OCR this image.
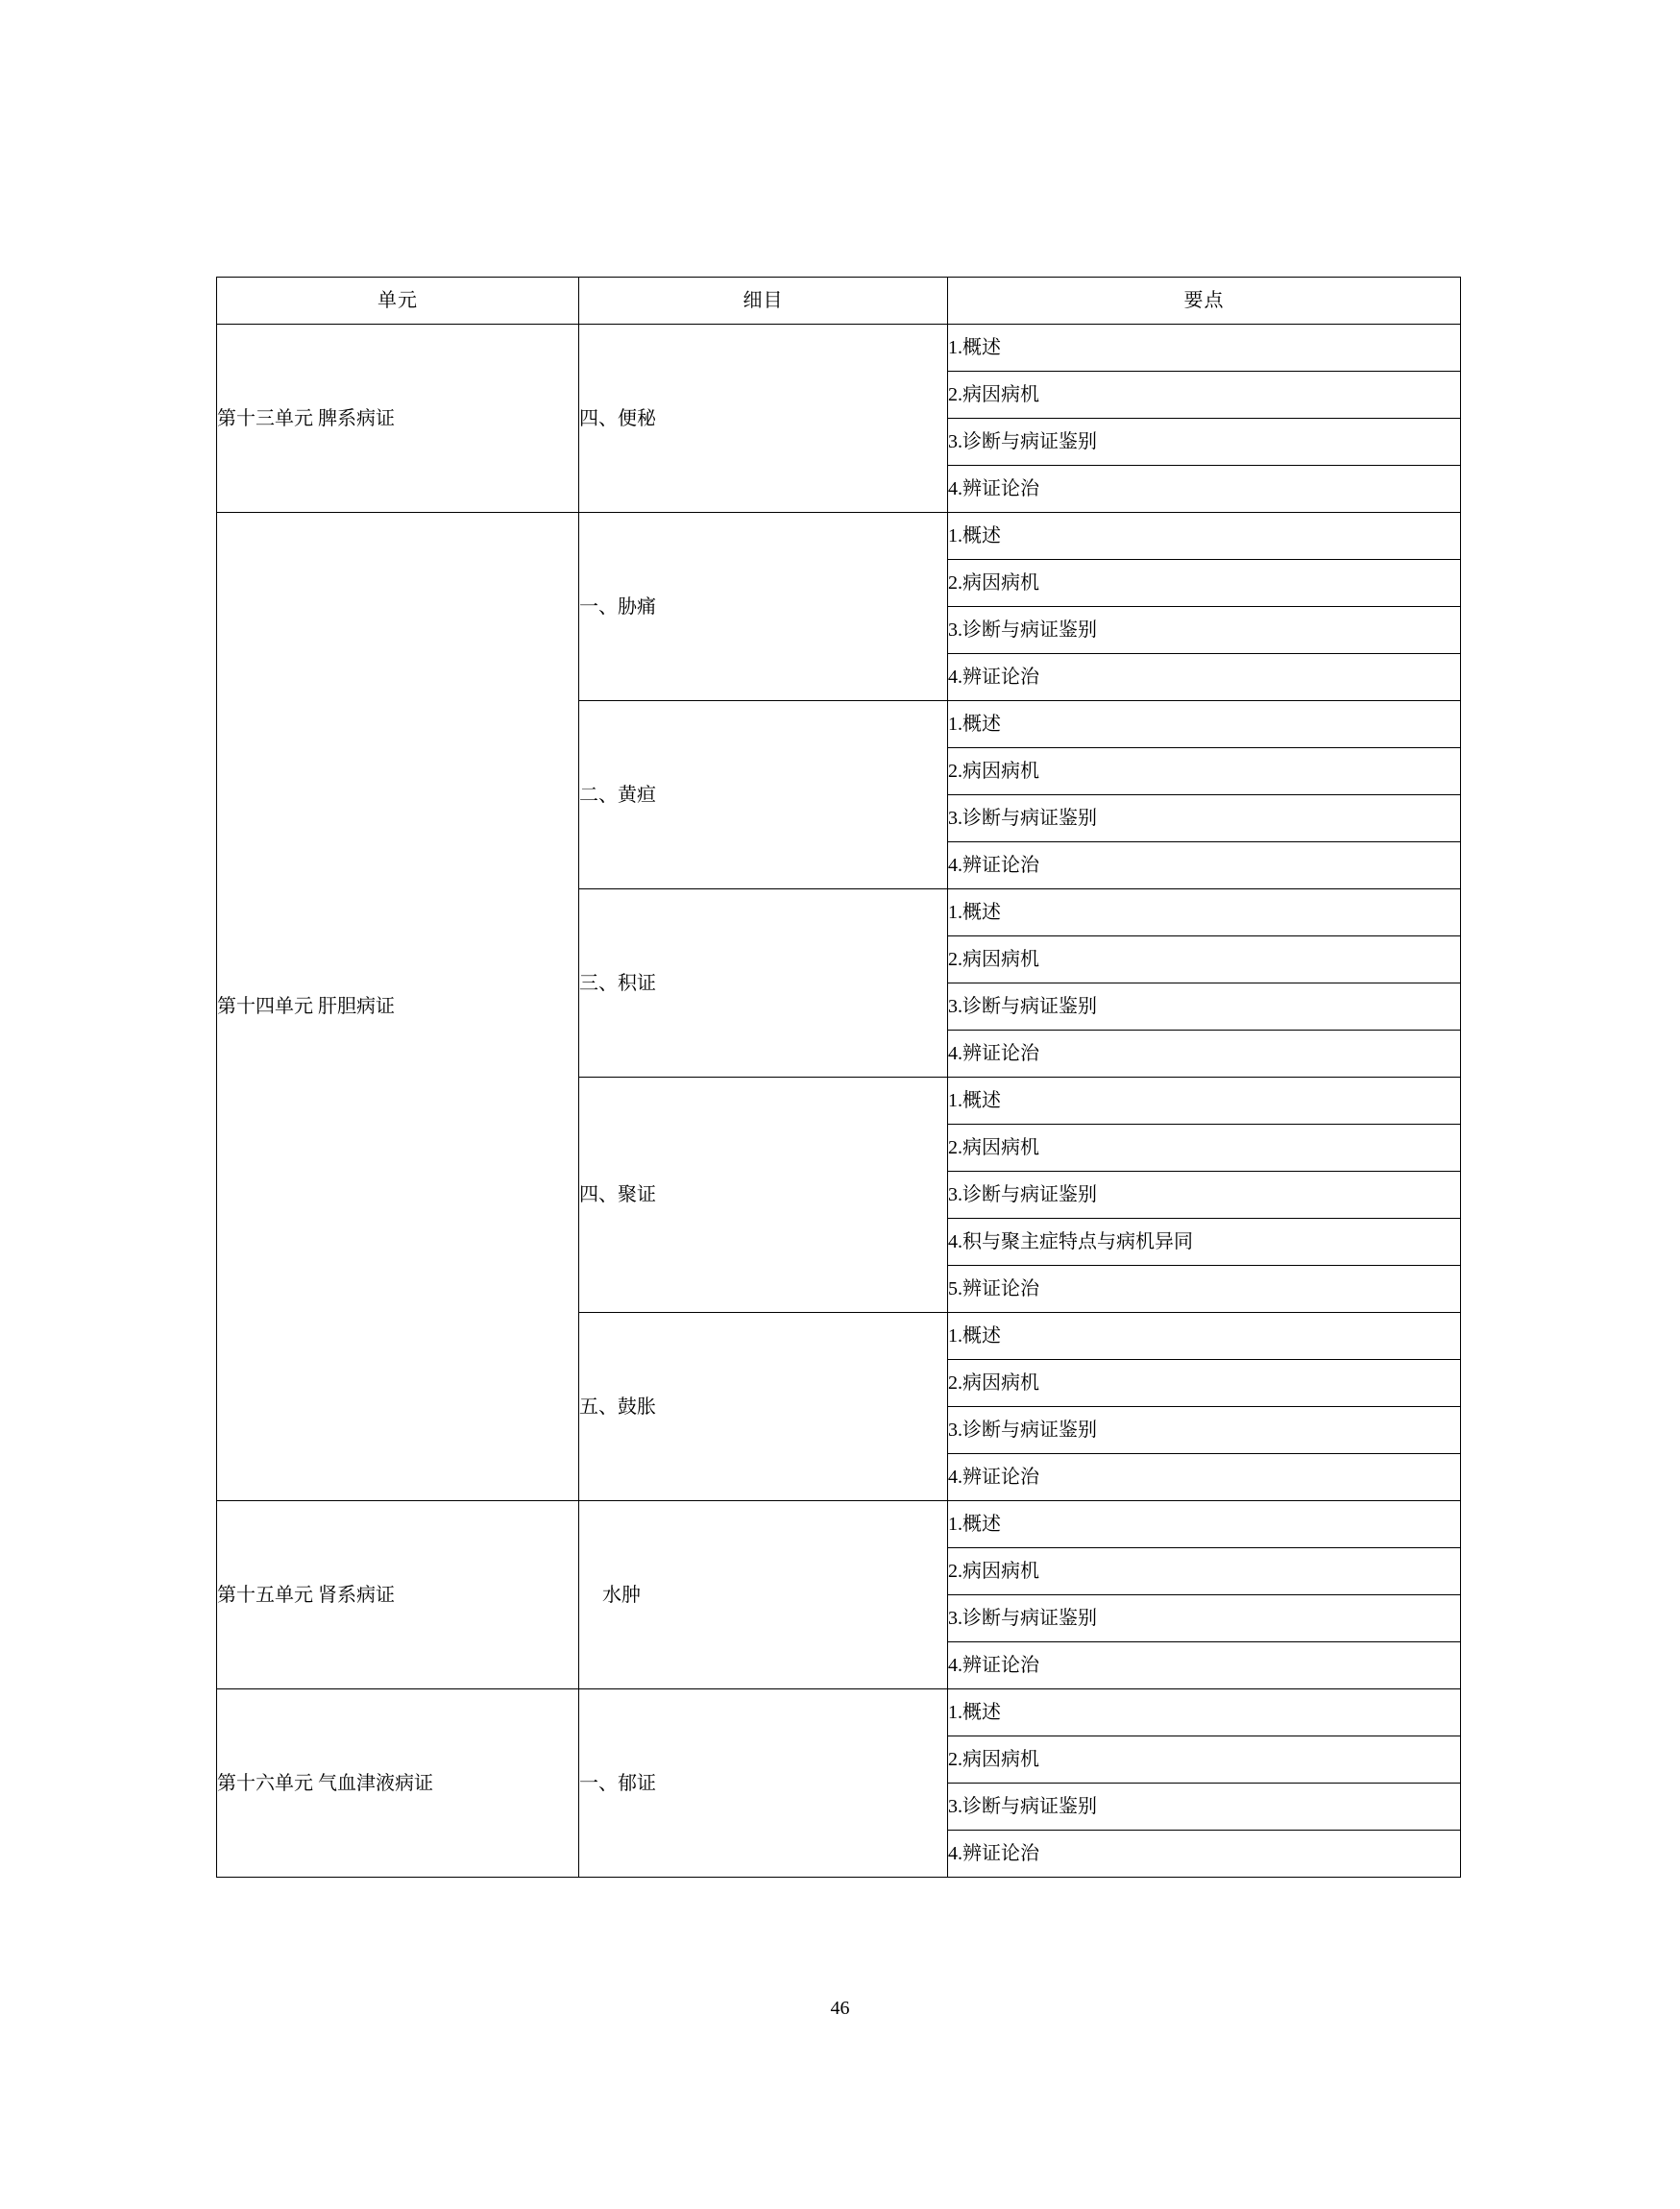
单元	细目	要点
第十三单元 脾系病证	四、便秘	1.概述
		2.病因病机
		3.诊断与病证鉴别
		4.辨证论治
第十四单元 肝胆病证	一、胁痛	1.概述
		2.病因病机
		3.诊断与病证鉴别
		4.辨证论治
	二、黄疸	1.概述
		2.病因病机
		3.诊断与病证鉴别
		4.辨证论治
	三、积证	1.概述
		2.病因病机
		3.诊断与病证鉴别
		4.辨证论治
	四、聚证	1.概述
		2.病因病机
		3.诊断与病证鉴别
		4.积与聚主症特点与病机异同
		5.辨证论治
	五、鼓胀	1.概述
		2.病因病机
		3.诊断与病证鉴别
		4.辨证论治
第十五单元 肾系病证	水肿	1.概述
		2.病因病机
		3.诊断与病证鉴别
		4.辨证论治
第十六单元 气血津液病证	一、郁证	1.概述
		2.病因病机
		3.诊断与病证鉴别
		4.辨证论治
46
